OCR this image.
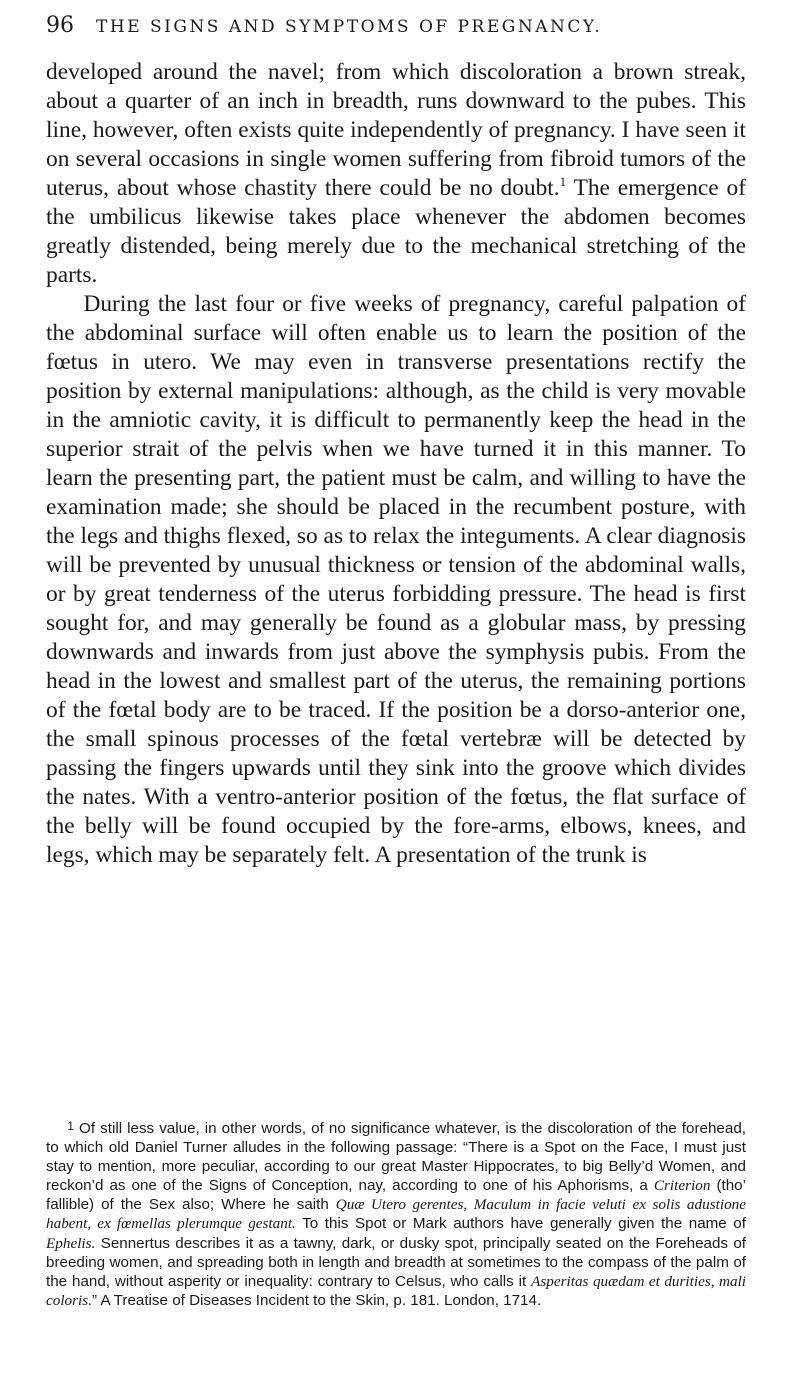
96 THE SIGNS AND SYMPTOMS OF PREGNANCY.

developed around the navel; from which discoloration a brown streak, about a quarter of an inch in breadth, runs downward to the pubes. This line, however, often exists quite independently of pregnancy. I have seen it on several occasions in single women suffering from fibroid tumors of the uterus, about whose chastity there could be no doubt.$^1$ The emergence of the umbilicus likewise takes place whenever the abdomen becomes greatly distended, being merely due to the mechanical stretching of the parts.

During the last four or five weeks of pregnancy, careful palpation of the abdominal surface will often enable us to learn the position of the fœtus in utero. We may even in transverse presentations rectify the position by external manipulations: although, as the child is very movable in the amniotic cavity, it is difficult to permanently keep the head in the superior strait of the pelvis when we have turned it in this manner. To learn the presenting part, the patient must be calm, and willing to have the examination made; she should be placed in the recumbent posture, with the legs and thighs flexed, so as to relax the integuments. A clear diagnosis will be prevented by unusual thickness or tension of the abdominal walls, or by great tenderness of the uterus forbidding pressure. The head is first sought for, and may generally be found as a globular mass, by pressing downwards and inwards from just above the symphysis pubis. From the head in the lowest and smallest part of the uterus, the remaining portions of the fœtal body are to be traced. If the position be a dorso-anterior one, the small spinous processes of the fœtal vertebræ will be detected by passing the fingers upwards until they sink into the groove which divides the nates. With a ventro-anterior position of the fœtus, the flat surface of the belly will be found occupied by the fore-arms, elbows, knees, and legs, which may be separately felt. A presentation of the trunk is

1 Of still less value, in other words, of no significance whatever, is the discoloration of the forehead, to which old Daniel Turner alludes in the following passage: “There is a Spot on the Face, I must just stay to mention, more peculiar, according to our great Master Hippocrates, to big Belly’d Women, and reckon’d as one of the Signs of Conception, nay, according to one of his Aphorisms, a Criterion (tho’ fallible) of the Sex also; Where he saith Quæ Utero gerentes, Maculum in facie veluti ex solis adustione habent, ex fœmellas plerumque gestant. To this Spot or Mark authors have generally given the name of Ephelis. Sennertus describes it as a tawny, dark, or dusky spot, principally seated on the Foreheads of breeding women, and spreading both in length and breadth at sometimes to the compass of the palm of the hand, without asperity or inequality: contrary to Celsus, who calls it Asperitas quædam et durities, mali coloris.” A Treatise of Diseases Incident to the Skin, p. 181. London, 1714.
